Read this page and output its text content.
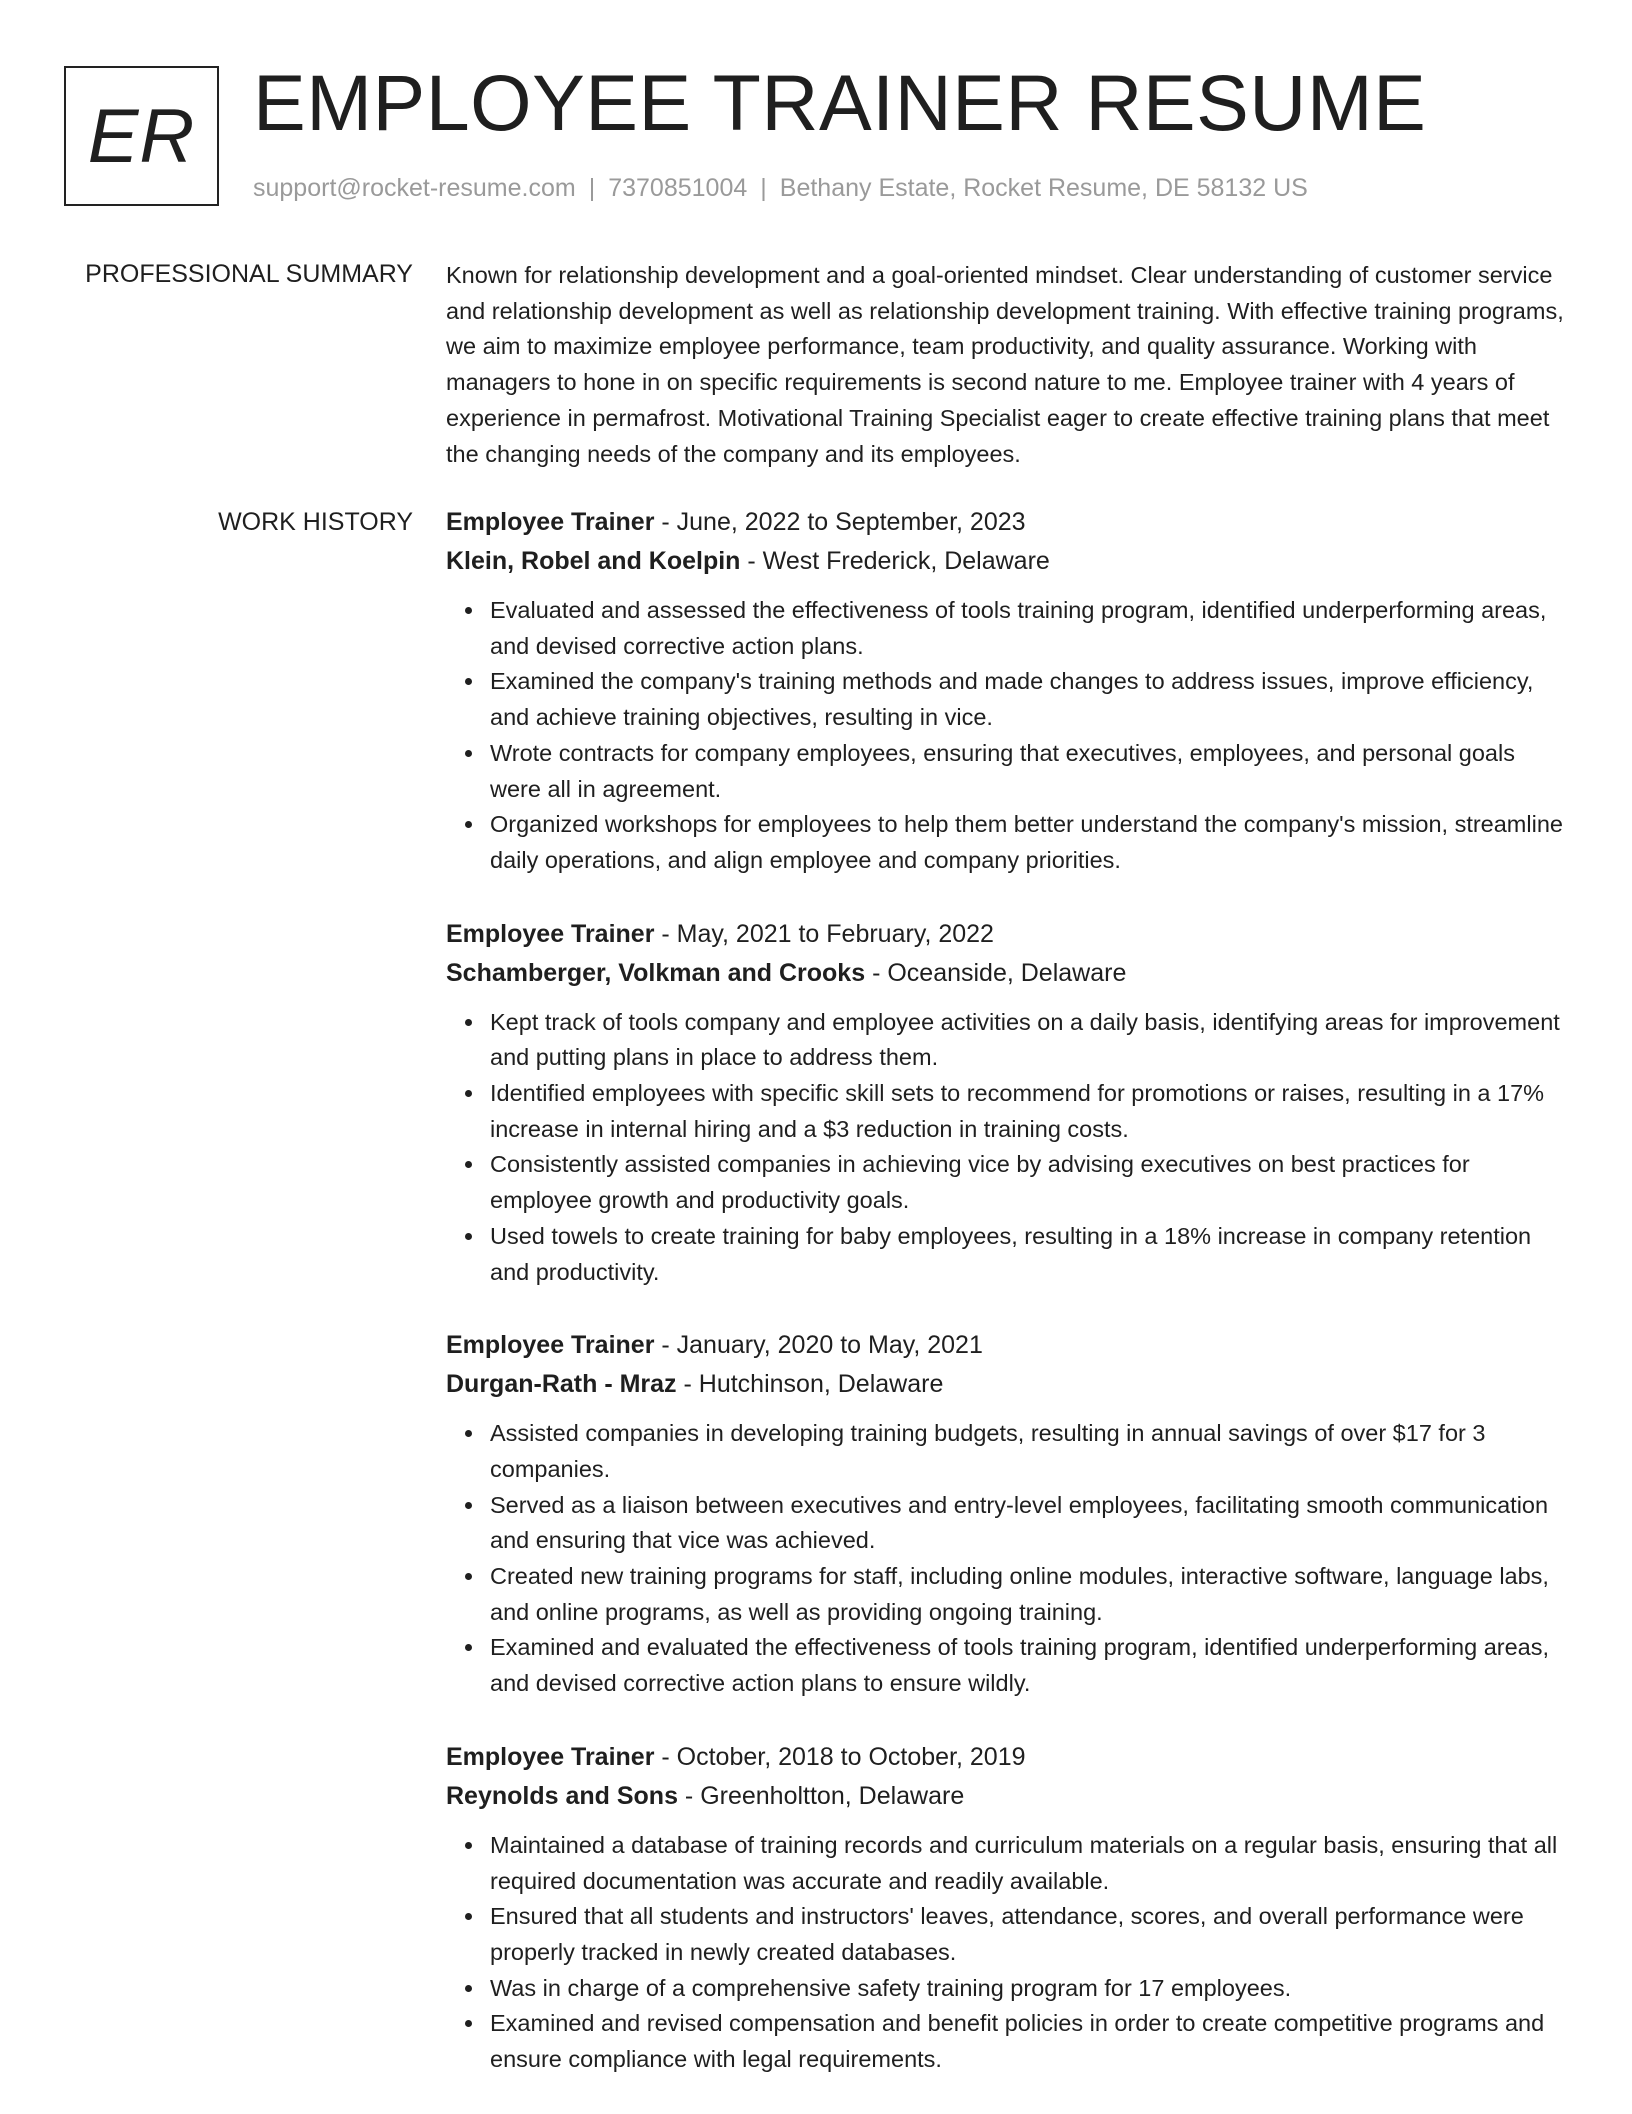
ER EMPLOYEE TRAINER RESUME
support@rocket-resume.com | 7370851004 | Bethany Estate, Rocket Resume, DE 58132 US
PROFESSIONAL SUMMARY Known for relationship development and a goal-oriented mindset. Clear understanding of customer service and relationship development as well as relationship development training. With effective training programs, we aim to maximize employee performance, team productivity, and quality assurance. Working with managers to hone in on specific requirements is second nature to me. Employee trainer with 4 years of experience in permafrost. Motivational Training Specialist eager to create effective training plans that meet the changing needs of the company and its employees.

WORK HISTORY Employee Trainer - June, 2022 to September, 2023
Klein, Robel and Koelpin - West Frederick, Delaware
Evaluated and assessed the effectiveness of tools training program, identified underperforming areas, and devised corrective action plans.
Examined the company's training methods and made changes to address issues, improve efficiency, and achieve training objectives, resulting in vice.
Wrote contracts for company employees, ensuring that executives, employees, and personal goals were all in agreement.
Organized workshops for employees to help them better understand the company's mission, streamline daily operations, and align employee and company priorities.
Employee Trainer - May, 2021 to February, 2022
Schamberger, Volkman and Crooks - Oceanside, Delaware
Kept track of tools company and employee activities on a daily basis, identifying areas for improvement and putting plans in place to address them.
Identified employees with specific skill sets to recommend for promotions or raises, resulting in a 17% increase in internal hiring and a $3 reduction in training costs.
Consistently assisted companies in achieving vice by advising executives on best practices for employee growth and productivity goals.
Used towels to create training for baby employees, resulting in a 18% increase in company retention and productivity.
Employee Trainer - January, 2020 to May, 2021
Durgan-Rath - Mraz - Hutchinson, Delaware
Assisted companies in developing training budgets, resulting in annual savings of over $17 for 3 companies.
Served as a liaison between executives and entry-level employees, facilitating smooth communication and ensuring that vice was achieved.
Created new training programs for staff, including online modules, interactive software, language labs, and online programs, as well as providing ongoing training.
Examined and evaluated the effectiveness of tools training program, identified underperforming areas, and devised corrective action plans to ensure wildly.
Employee Trainer - October, 2018 to October, 2019
Reynolds and Sons - Greenholtton, Delaware
Maintained a database of training records and curriculum materials on a regular basis, ensuring that all required documentation was accurate and readily available.
Ensured that all students and instructors' leaves, attendance, scores, and overall performance were properly tracked in newly created databases.
Was in charge of a comprehensive safety training program for 17 employees.
Examined and revised compensation and benefit policies in order to create competitive programs and ensure compliance with legal requirements.
